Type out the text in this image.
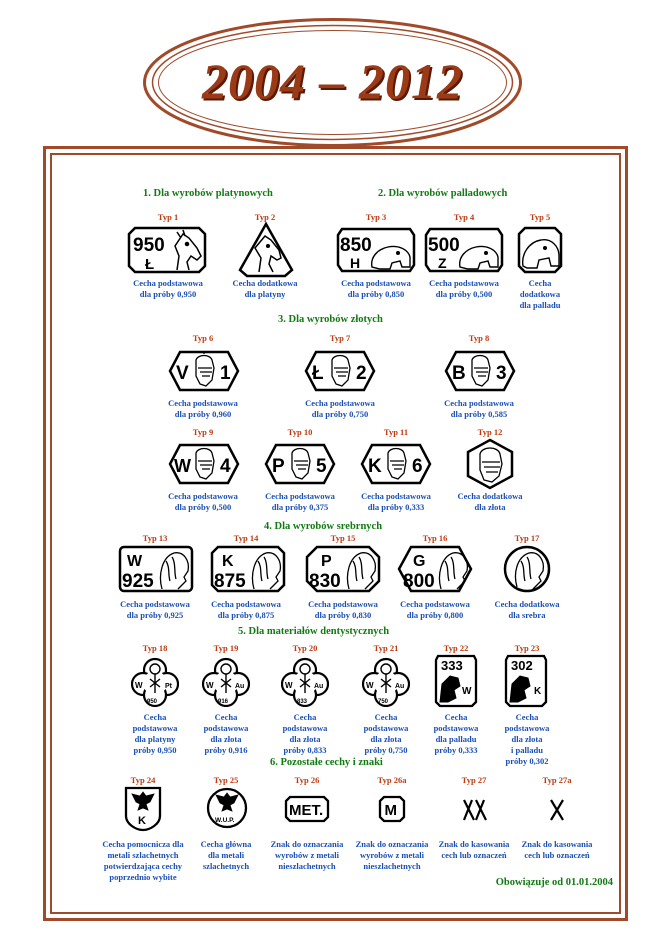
2004 – 2012
1. Dla wyrobów platynowych	2. Dla wyrobów palladowych
3. Dla wyrobów złotych
4. Dla wyrobów srebrnych
5. Dla materiałów dentystycznych
6. Pozostałe cechy i znaki
Typ 1	Typ 2	Typ 3	Typ 4	Typ 5
950
Ł
850
H
500
Z
Cecha podstawowa
dla próby 0,950
Cecha dodatkowa
dla platyny
Cecha podstawowa
dla próby 0,850
Cecha podstawowa
dla próby 0,500
Cecha
dodatkowa
dla palladu
Typ 6	Typ 7	Typ 8
V 1	Ł 2	B 3
Cecha podstawowa
dla próby 0,960
Cecha podstawowa
dla próby 0,750
Cecha podstawowa
dla próby 0,585
Typ 9	Typ 10	Typ 11	Typ 12
W 4 P 5 K 6
Cecha podstawowa
dla próby 0,500
Cecha podstawowa
dla próby 0,375
Cecha podstawowa
dla próby 0,333
Cecha dodatkowa
dla złota
Typ 13	Typ 14	Typ 15	Typ 16	Typ 17
W
925
K
875
P
830
G
800
Cecha podstawowa
dla próby 0,925
Cecha podstawowa
dla próby 0,875
Cecha podstawowa
dla próby 0,830
Cecha podstawowa
dla próby 0,800
Cecha dodatkowa
dla srebra
Typ 18	Typ 19	Typ 20	Typ 21	Typ 22	Typ 23
W	Pt
950
W	Au
916
W	Au
833
W	Au
750
333
W
302
K
Cecha
podstawowa
dla platyny
próby 0,950
Cecha
podstawowa
dla złota
próby 0,916
Cecha
podstawowa
dla złota
próby 0,833
Cecha
podstawowa
dla złota
próby 0,750
Cecha
podstawowa
dla palladu
próby 0,333
Cecha
podstawowa
dla złota
i palladu
próby 0,302
Typ 24	Typ 25	Typ 26	Typ 26a	Typ 27	Typ 27a
K	W.U.P.
MET.	M
Cecha pomocnicza dla
metali szlachetnych
potwierdzająca cechy
poprzednio wybite
Cecha główna
dla metali
szlachetnych
Znak do oznaczania
wyrobów z metali
nieszlachetnych
Znak do oznaczania
wyrobów z metali
nieszlachetnych
Znak do kasowania
cech lub oznaczeń
Znak do kasowania
cech lub oznaczeń
Obowiązuje od 01.01.2004
